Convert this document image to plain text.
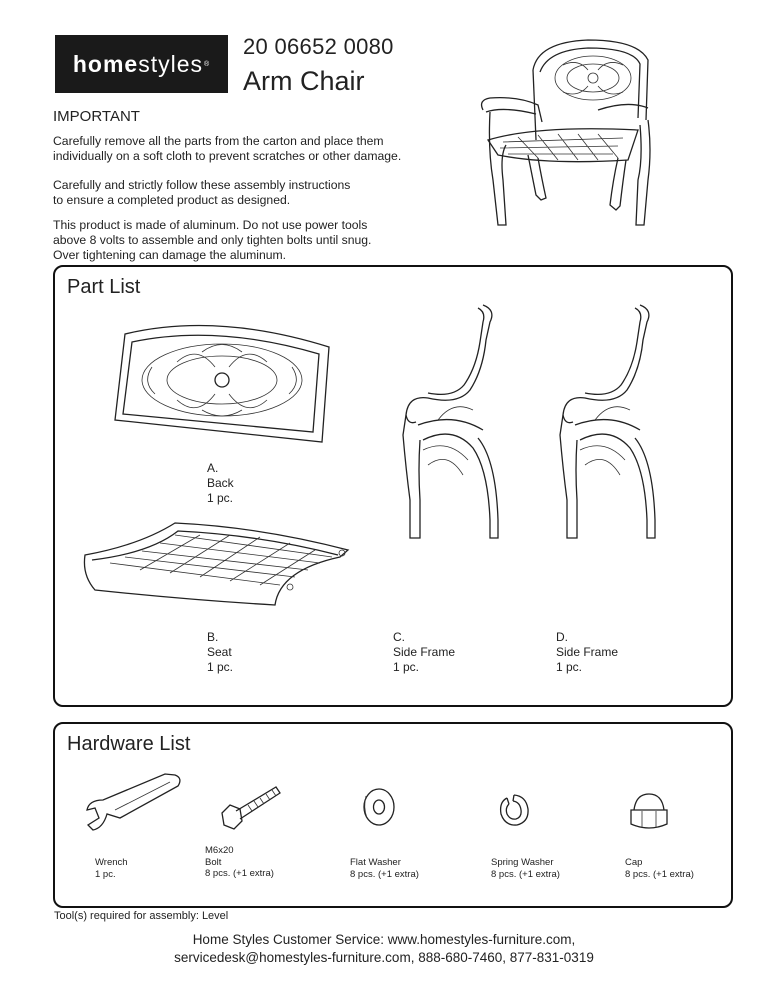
home styles ®
20 06652 0080
Arm Chair
IMPORTANT
Carefully remove all the parts from the carton and place them
individually on a soft cloth to prevent scratches or other damage.
Carefully and strictly follow these assembly instructions
to ensure a completed product as designed.
This product is made of aluminum. Do not use power tools
above 8 volts to assemble and only tighten bolts until snug.
Over tightening can damage the aluminum.
Part List
A.
Back
1 pc.
B.
Seat
1 pc.
C.
Side Frame
1 pc.
D.
Side Frame
1 pc.
Hardware List
Wrench
1 pc.
M6x20
Bolt
8 pcs. (+1 extra)
Flat Washer
8 pcs. (+1 extra)
Spring Washer
8 pcs. (+1 extra)
Cap
8 pcs. (+1 extra)
Tool(s) required for assembly: Level
Home Styles Customer Service: www.homestyles-furniture.com,
servicedesk@homestyles-furniture.com, 888-680-7460, 877-831-0319
